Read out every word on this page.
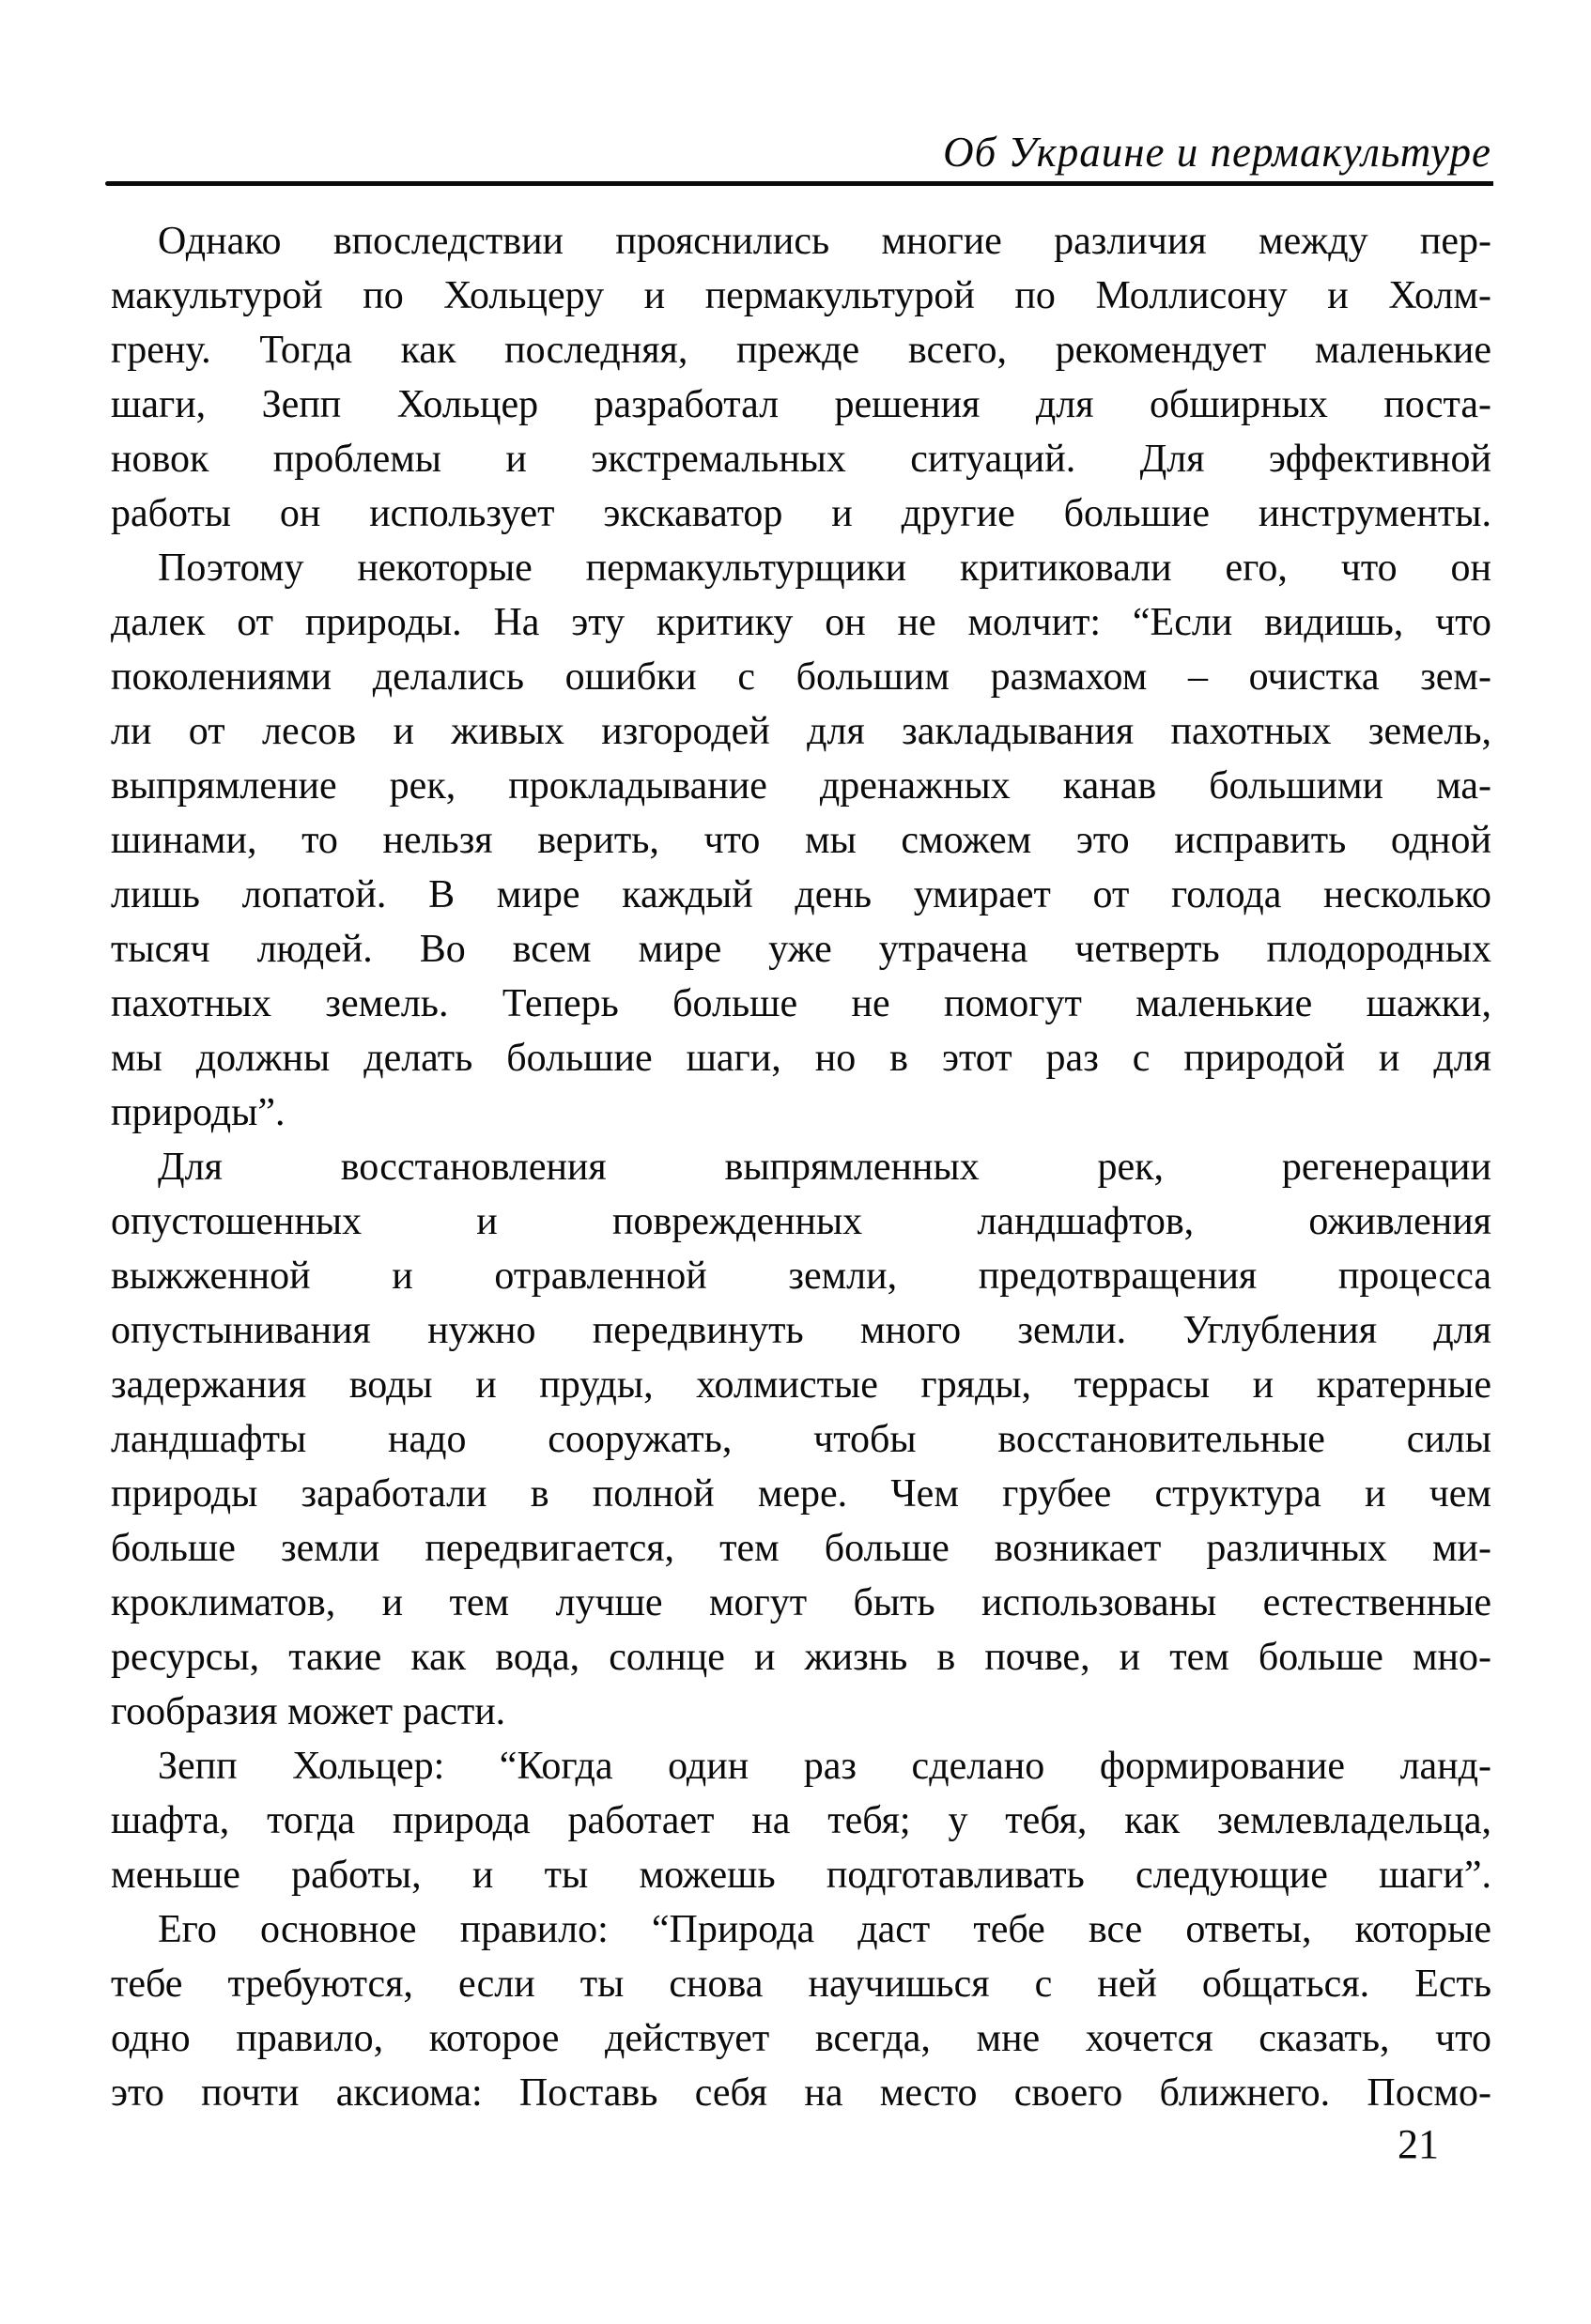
Об Украине и пермакультуре
Однако впоследствии прояснились многие различия между пер-
макультурой по Хольцеру и пермакультурой по Моллисону и Холм-
грену. Тогда как последняя, прежде всего, рекомендует маленькие
шаги, Зепп Хольцер разработал решения для обширных поста-
новок проблемы и экстремальных ситуаций. Для эффективной
работы он использует экскаватор и другие большие инструменты.
Поэтому некоторые пермакультурщики критиковали его, что он
далек от природы. На эту критику он не молчит: “Если видишь, что
поколениями делались ошибки с большим размахом – очистка зем-
ли от лесов и живых изгородей для закладывания пахотных земель,
выпрямление рек, прокладывание дренажных канав большими ма-
шинами, то нельзя верить, что мы сможем это исправить одной
лишь лопатой. В мире каждый день умирает от голода несколько
тысяч людей. Во всем мире уже утрачена четверть плодородных
пахотных земель. Теперь больше не помогут маленькие шажки,
мы должны делать большие шаги, но в этот раз с природой и для
природы”.
Для восстановления выпрямленных рек, регенерации
опустошенных и поврежденных ландшафтов, оживления
выжженной и отравленной земли, предотвращения процесса
опустынивания нужно передвинуть много земли. Углубления для
задержания воды и пруды, холмистые гряды, террасы и кратерные
ландшафты надо сооружать, чтобы восстановительные силы
природы заработали в полной мере. Чем грубее структура и чем
больше земли передвигается, тем больше возникает различных ми-
кроклиматов, и тем лучше могут быть использованы естественные
ресурсы, такие как вода, солнце и жизнь в почве, и тем больше мно-
гообразия может расти.
Зепп Хольцер: “Когда один раз сделано формирование ланд-
шафта, тогда природа работает на тебя; у тебя, как землевладельца,
меньше работы, и ты можешь подготавливать следующие шаги”.
Его основное правило: “Природа даст тебе все ответы, которые
тебе требуются, если ты снова научишься с ней общаться. Есть
одно правило, которое действует всегда, мне хочется сказать, что
это почти аксиома: Поставь себя на место своего ближнего. Посмо-
21
